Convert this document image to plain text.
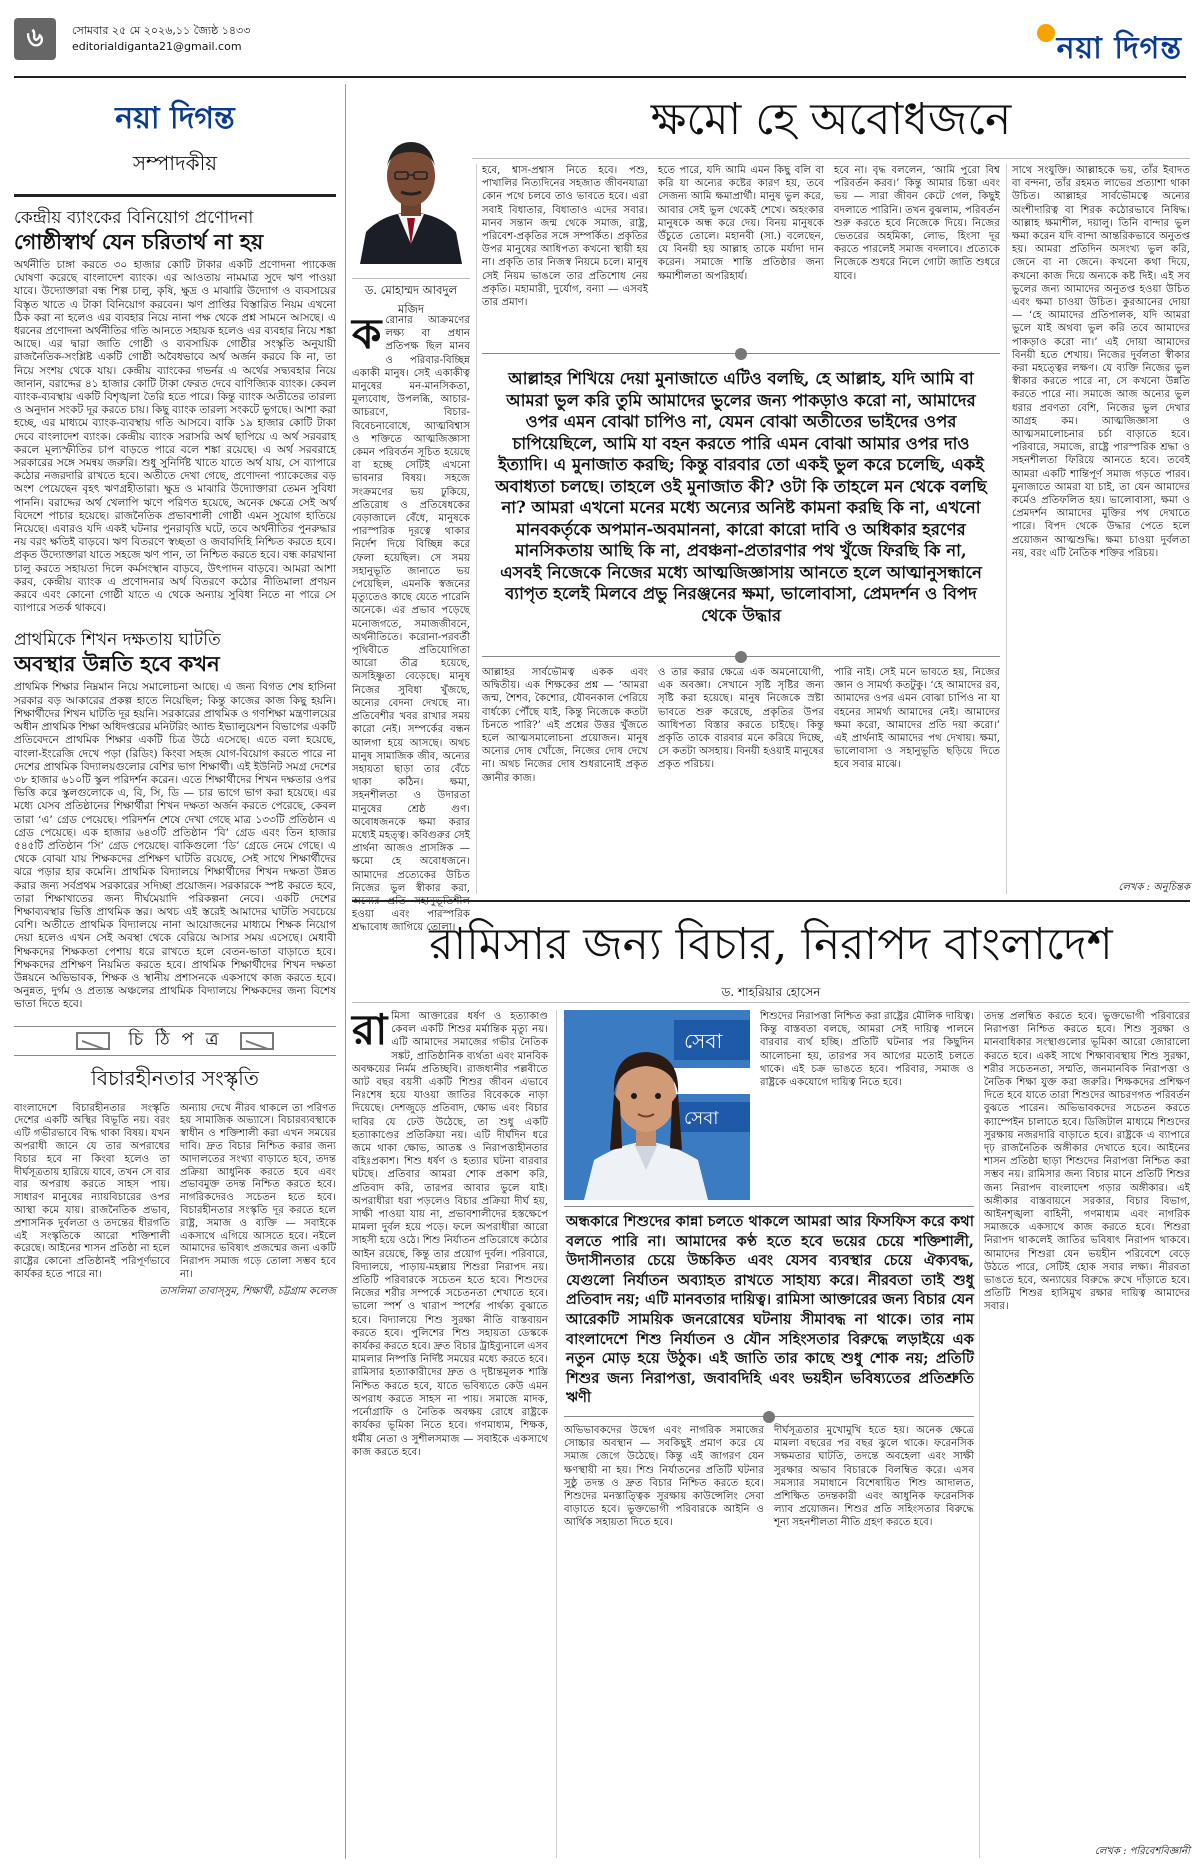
৬	সোমবার ২৫ মে ২০২৬,১১ জ্যৈষ্ঠ ১৪৩৩
editorialdiganta21@gmail.com	নয়া দিগন্ত
নয়া দিগন্ত
সম্পাদকীয়
কেন্দ্রীয় ব্যাংকের বিনিয়োগ প্রণোদনা
গোষ্ঠীস্বার্থ যেন চরিতার্থ না হয়
অর্থনীতি চাঙ্গা করতে ৩০ হাজার কোটি টাকার একটি প্রণোদনা প্যাকেজ ঘোষণা করেছে বাংলাদেশ ব্যাংক। এর আওতায় নামমাত্র সুদে ঋণ পাওয়া যাবে। উদ্যোক্তারা বন্ধ শিল্প চালু, কৃষি, ক্ষুদ্র ও মাঝারি উদ্যোগ ও ব্যবসায়ের বিস্তৃত খাতে এ টাকা বিনিয়োগ করবেন। ঋণ প্রাপ্তির বিস্তারিত নিয়ম এখনো ঠিক করা না হলেও এর ব্যবহার নিয়ে নানা পক্ষ থেকে প্রশ্ন সামনে আসছে। এ ধরনের প্রণোদনা অর্থনীতির গতি আনতে সহায়ক হলেও এর ব্যবহার নিয়ে শঙ্কা আছে। এর দ্বারা জাতি গোষ্ঠী ও ব্যবসায়িক গোষ্ঠীর সংস্কৃতি অনুযায়ী রাজনৈতিক-সংশ্লিষ্ট একটি গোষ্ঠী অবৈধভাবে অর্থ অর্জন করবে কি না, তা নিয়ে সংশয় থেকে যায়। কেন্দ্রীয় ব্যাংকের গভর্নর এ অর্থের সদ্ব্যবহার নিয়ে জানান, বরাদ্দের ৪১ হাজার কোটি টাকা ফেরত দেবে বাণিজ্যিক ব্যাংক। কেবল ব্যাংক-ব্যবস্থায় একটি বিশৃঙ্খলা তৈরি হতে পারে। কিন্তু ব্যাংক অতীতের তারল্য ও অনুদান সংকট দূর করতে চায়। কিছু ব্যাংক তারল্য সংকটে ভুগছে। আশা করা হচ্ছে, এর মাধ্যমে ব্যাংক-ব্যবস্থায় গতি আসবে। বাকি ১৯ হাজার কোটি টাকা দেবে বাংলাদেশ ব্যাংক। কেন্দ্রীয় ব্যাংক সরাসরি অর্থ ছাপিয়ে এ অর্থ সরবরাহ করলে মূল্যস্ফীতির চাপ বাড়তে পারে বলে শঙ্কা রয়েছে। এ অর্থ সরবরাহে সরকারের সঙ্গে সমন্বয় জরুরি। শুধু সুনির্দিষ্ট খাতে যাতে অর্থ যায়, সে ব্যাপারে কঠোর নজরদারি রাখতে হবে। অতীতে দেখা গেছে, প্রণোদনা প্যাকেজের বড় অংশ পেয়েছেন বৃহৎ ঋণগ্রহীতারা। ক্ষুদ্র ও মাঝারি উদ্যোক্তারা তেমন সুবিধা পাননি। বরাদ্দের অর্থ খেলাপি ঋণে পরিণত হয়েছে, অনেক ক্ষেত্রে সেই অর্থ বিদেশে পাচার হয়েছে। রাজনৈতিক প্রভাবশালী গোষ্ঠী এমন সুযোগ হাতিয়ে নিয়েছে। এবারও যদি একই ঘটনার পুনরাবৃত্তি ঘটে, তবে অর্থনীতির পুনরুদ্ধার নয় বরং ক্ষতিই বাড়বে। ঋণ বিতরণে স্বচ্ছতা ও জবাবদিহি নিশ্চিত করতে হবে। প্রকৃত উদ্যোক্তারা যাতে সহজে ঋণ পান, তা নিশ্চিত করতে হবে। বন্ধ কারখানা চালু করতে সহায়তা দিলে কর্মসংস্থান বাড়বে, উৎপাদন বাড়বে। আমরা আশা করব, কেন্দ্রীয় ব্যাংক এ প্রণোদনার অর্থ বিতরণে কঠোর নীতিমালা প্রণয়ন করবে এবং কোনো গোষ্ঠী যাতে এ থেকে অন্যায় সুবিধা নিতে না পারে সে ব্যাপারে সতর্ক থাকবে।
প্রাথমিকে শিখন দক্ষতায় ঘাটতি
অবস্থার উন্নতি হবে কখন
প্রাথমিক শিক্ষার নিম্নমান নিয়ে সমালোচনা আছে। এ জন্য বিগত শেষ হাসিনা সরকার বড় আকারের প্রকল্প হাতে নিয়েছিল; কিন্তু কাজের কাজ কিছু হয়নি। শিক্ষার্থীদের শিখন ঘাটতি দূর হয়নি। সরকারের প্রাথমিক ও গণশিক্ষা মন্ত্রণালয়ের অধীন প্রাথমিক শিক্ষা অধিদপ্তরের মনিটরিং অ্যান্ড ইভ্যালুয়েশন বিভাগের একটি প্রতিবেদনে প্রাথমিক শিক্ষার একটি চিত্র উঠে এসেছে। এতে বলা হয়েছে, বাংলা-ইংরেজি দেখে পড়া (রিডিং) কিংবা সহজ যোগ-বিয়োগ করতে পারে না দেশের প্রাথমিক বিদ্যালয়গুলোর বেশির ভাগ শিক্ষার্থী। এই ইউনিট সমগ্র দেশের ৩৮ হাজার ৬১০টি স্কুল পরিদর্শন করেন। এতে শিক্ষার্থীদের শিখন দক্ষতার ওপর ভিত্তি করে স্কুলগুলোকে এ, বি, সি, ডি — চার ভাগে ভাগ করা হয়েছে। এর মধ্যে যেসব প্রতিষ্ঠানের শিক্ষার্থীরা শিখন দক্ষতা অর্জন করতে পেরেছে, কেবল তারা ‘এ’ গ্রেড পেয়েছে। পরিদর্শন শেষে দেখা গেছে মাত্র ১৩৩টি প্রতিষ্ঠান এ গ্রেড পেয়েছে। এক হাজার ৬৪৩টি প্রতিষ্ঠান ‘বি’ গ্রেড এবং তিন হাজার ৫৪৫টি প্রতিষ্ঠান ‘সি’ গ্রেড পেয়েছে। বাকিগুলো ‘ডি’ গ্রেডে নেমে গেছে। এ থেকে বোঝা যায় শিক্ষকদের প্রশিক্ষণ ঘাটতি রয়েছে, সেই সাথে শিক্ষার্থীদের ঝরে পড়ার হার কমেনি। প্রাথমিক বিদ্যালয়ে শিক্ষার্থীদের শিখন দক্ষতা উন্নত করার জন্য সর্বপ্রথম সরকারের সদিচ্ছা প্রয়োজন। সরকারকে স্পষ্ট করতে হবে, তারা শিক্ষাখাতের জন্য দীর্ঘমেয়াদি পরিকল্পনা নেবে। একটি দেশের শিক্ষাব্যবস্থার ভিত্তি প্রাথমিক স্তর। অথচ এই স্তরেই আমাদের ঘাটতি সবচেয়ে বেশি। অতীতে প্রাথমিক বিদ্যালয়ে নানা আয়োজনের মাধ্যমে শিক্ষক নিয়োগ দেয়া হলেও এখন সেই অবস্থা থেকে বেরিয়ে আসার সময় এসেছে। মেধাবী শিক্ষকদের শিক্ষকতা পেশায় ধরে রাখতে হলে বেতন-ভাতা বাড়াতে হবে। শিক্ষকদের প্রশিক্ষণ নিয়মিত করতে হবে। প্রাথমিক শিক্ষার্থীদের শিখন দক্ষতা উন্নয়নে অভিভাবক, শিক্ষক ও স্থানীয় প্রশাসনকে একসাথে কাজ করতে হবে। অনুন্নত, দুর্গম ও প্রত্যন্ত অঞ্চলের প্রাথমিক বিদ্যালয়ে শিক্ষকদের জন্য বিশেষ ভাতা দিতে হবে।
চি ঠি প ত্র
বিচারহীনতার সংস্কৃতি
বাংলাদেশে বিচারহীনতার সংস্কৃতি দেশের একটি অস্থির বিভূতি নয়। বরং এটি গভীরভাবে বিদ্ধ থাকা বিষয়। যখন অপরাধী জানে যে তার অপরাধের বিচার হবে না কিংবা হলেও তা দীর্ঘসূত্রতায় হারিয়ে যাবে, তখন সে বার বার অপরাধ করতে সাহস পায়। সাধারণ মানুষের ন্যায়বিচারের ওপর আস্থা কমে যায়। রাজনৈতিক প্রভাব, প্রশাসনিক দুর্বলতা ও তদন্তের ধীরগতি এই সংস্কৃতিকে আরো শক্তিশালী করেছে। আইনের শাসন প্রতিষ্ঠা না হলে রাষ্ট্রের কোনো প্রতিষ্ঠানই পরিপূর্ণভাবে কার্যকর হতে পারে না।
অন্যায় দেখে নীরব থাকলে তা পরিণত হয় সামাজিক অভ্যাসে। বিচারব্যবস্থাকে স্বাধীন ও শক্তিশালী করা এখন সময়ের দাবি। দ্রুত বিচার নিশ্চিত করার জন্য আদালতের সংখ্যা বাড়াতে হবে, তদন্ত প্রক্রিয়া আধুনিক করতে হবে এবং প্রভাবমুক্ত তদন্ত নিশ্চিত করতে হবে। নাগরিকদেরও সচেতন হতে হবে। বিচারহীনতার সংস্কৃতি দূর করতে হলে রাষ্ট্র, সমাজ ও ব্যক্তি — সবাইকে একসাথে এগিয়ে আসতে হবে। নইলে আমাদের ভবিষ্যৎ প্রজন্মের জন্য একটি নিরাপদ সমাজ গড়ে তোলা সম্ভব হবে না।
তাসলিমা তাবাস্সুম, শিক্ষার্থী, চট্টগ্রাম কলেজ
ক্ষমো হে অবোধজনে
ড. মোহাম্মদ আবদুল মজিদ
ক রোনার আক্রমণের লক্ষ্য বা প্রধান প্রতিপক্ষ ছিল মানব ও পরিবার-বিচ্ছিন্ন একাকী মানুষ। সেই একাকীত্ব মানুষের মন-মানসিকতা, মূল্যবোধ, উপলব্ধি, আচার-আচরণে, বিচার-বিবেচনাবোধে, আত্মবিশ্বাস ও শক্তিতে আত্মজিজ্ঞাসা কেমন পরিবর্তন সূচিত হয়েছে বা হচ্ছে সেটিই এখনো ভাবনার বিষয়। সহজে সংক্রমণের ভয় ঢুকিয়ে, প্রতিরোধ ও প্রতিষেধকের বেড়াজালে বেঁধে, মানুষকে পারস্পরিক দূরত্বে থাকার নির্দেশ দিয়ে বিচ্ছিন্ন করে ফেলা হয়েছিল। সে সময় সহানুভূতি জানাতে ভয় পেয়েছিল, এমনকি স্বজনের মৃত্যুতেও কাছে যেতে পারেনি অনেকে। এর প্রভাব পড়েছে মনোজগতে, সমাজজীবনে, অর্থনীতিতে। করোনা-পরবর্তী পৃথিবীতে প্রতিযোগিতা আরো তীব্র হয়েছে, অসহিষ্ণুতা বেড়েছে। মানুষ নিজের সুবিধা খুঁজছে, অন্যের বেদনা দেখছে না। প্রতিবেশীর খবর রাখার সময় কারো নেই। সম্পর্কের বন্ধন আলগা হয়ে আসছে। অথচ মানুষ সামাজিক জীব, অন্যের সহায়তা ছাড়া তার বেঁচে থাকা কঠিন। ক্ষমা, সহনশীলতা ও উদারতা মানুষের শ্রেষ্ঠ গুণ। অবোধজনকে ক্ষমা করার মধ্যেই মহত্ত্ব। কবিগুরুর সেই প্রার্থনা আজও প্রাসঙ্গিক — ক্ষমো হে অবোধজনে। আমাদের প্রত্যেকের উচিত নিজের ভুল স্বীকার করা, হওয়া এবং পারস্পরিক শ্রদ্ধাবোধ জাগিয়ে তোলা।
হবে, শ্বাস-প্রশ্বাস নিতে হবে। পশু, পাখালির নিত্যদিনের সহজাত জীবনযাত্রা কোন পথে চলবে তাও ভাবতে হবে। এরা সবাই বিধাতার, বিধাতাও এদের সবার। মানব সন্তান জন্ম থেকে সমাজ, রাষ্ট্র, পরিবেশ-প্রকৃতির সঙ্গে সম্পর্কিত। প্রকৃতির উপর মানুষের আধিপত্য কখনো স্থায়ী হয় না। প্রকৃতি তার নিজস্ব নিয়মে চলে। মানুষ সেই নিয়ম ভাঙলে তার প্রতিশোধ নেয় প্রকৃতি। মহামারী, দুর্যোগ, বন্যা — এসবই তার প্রমাণ।
হতে পারে, যদি আমি এমন কিছু বলি বা করি যা অন্যের কষ্টের কারণ হয়, তবে সেজন্য আমি ক্ষমাপ্রার্থী। মানুষ ভুল করে, আবার সেই ভুল থেকেই শেখে। অহংকার মানুষকে অন্ধ করে দেয়। বিনয় মানুষকে উঁচুতে তোলে। মহানবী (সা.) বলেছেন, যে বিনয়ী হয় আল্লাহ তাকে মর্যাদা দান করেন। সমাজে শান্তি প্রতিষ্ঠার জন্য ক্ষমাশীলতা অপরিহার্য।
হবে না। বৃদ্ধ বললেন, ‘আমি পুরো বিশ্ব পরিবর্তন করব।’ কিন্তু আমার চিন্তা এবং ভয় — সারা জীবন কেটে গেল, কিছুই বদলাতে পারিনি। তখন বুঝলাম, পরিবর্তন শুরু করতে হবে নিজেকে দিয়ে। নিজের ভেতরের অহমিকা, লোভ, হিংসা দূর করতে পারলেই সমাজ বদলাবে। প্রত্যেকে নিজেকে শুধরে নিলে গোটা জাতি শুধরে যাবে।
সাথে সংযুক্তি। আল্লাহকে ভয়, তাঁর ইবাদত বা বন্দনা, তাঁর রহমত লাভের প্রত্যাশা থাকা উচিত। আল্লাহর সার্বভৌমত্বে অন্যের অংশীদারিত্ব বা শিরক কঠোরভাবে নিষিদ্ধ। আল্লাহ ক্ষমাশীল, দয়ালু। তিনি বান্দার ভুল ক্ষমা করেন যদি বান্দা আন্তরিকভাবে অনুতপ্ত হয়। আমরা প্রতিদিন অসংখ্য ভুল করি, জেনে বা না জেনে। কখনো কথা দিয়ে, কখনো কাজ দিয়ে অন্যকে কষ্ট দিই। এই সব ভুলের জন্য আমাদের অনুতপ্ত হওয়া উচিত এবং ক্ষমা চাওয়া উচিত। কুরআনের দোয়া — ‘হে আমাদের প্রতিপালক, যদি আমরা ভুলে যাই অথবা ভুল করি তবে আমাদের পাকড়াও করো না।’ এই দোয়া আমাদের বিনয়ী হতে শেখায়। নিজের দুর্বলতা স্বীকার করা মহত্ত্বের লক্ষণ। যে ব্যক্তি নিজের ভুল স্বীকার করতে পারে না, সে কখনো উন্নতি করতে পারে না। সমাজে আজ অন্যের ভুল ধরার প্রবণতা বেশি, নিজের ভুল দেখার আগ্রহ কম। আত্মজিজ্ঞাসা ও আত্মসমালোচনার চর্চা বাড়াতে হবে। পরিবারে, সমাজে, রাষ্ট্রে পারস্পরিক শ্রদ্ধা ও সহনশীলতা ফিরিয়ে আনতে হবে। তবেই আমরা একটি শান্তিপূর্ণ সমাজ গড়তে পারব। মুনাজাতে আমরা যা চাই, তা যেন আমাদের কর্মেও প্রতিফলিত হয়। ভালোবাসা, ক্ষমা ও প্রেমদর্শন আমাদের মুক্তির পথ দেখাতে পারে। বিপদ থেকে উদ্ধার পেতে হলে প্রয়োজন আত্মশুদ্ধি। ক্ষমা চাওয়া দুর্বলতা নয়, বরং এটি নৈতিক শক্তির পরিচয়।
আল্লাহর শিখিয়ে দেয়া মুনাজাতে এটিও বলছি, হে আল্লাহ, যদি আমি বা আমরা ভুল করি তুমি আমাদের ভুলের জন্য পাকড়াও করো না, আমাদের ওপর এমন বোঝা চাপিও না, যেমন বোঝা অতীতের ভাইদের ওপর চাপিয়েছিলে, আমি যা বহন করতে পারি এমন বোঝা আমার ওপর দাও ইত্যাদি। এ মুনাজাত করছি; কিন্তু বারবার তো একই ভুল করে চলেছি, একই অবাধ্যতা চলছে। তাহলে ওই মুনাজাত কী? ওটা কি তাহলে মন থেকে বলছি না? আমরা এখনো মনের মধ্যে অন্যের অনিষ্ট কামনা করছি কি না, এখনো মানবকর্তৃকে অপমান-অবমাননা, কারো কারো দাবি ও অধিকার হরণের মানসিকতায় আছি কি না, প্রবঞ্চনা-প্রতারণার পথ খুঁজে ফিরছি কি না, এসবই নিজেকে নিজের মধ্যে আত্মজিজ্ঞাসায় আনতে হলে আত্মানুসন্ধানে ব্যাপৃত হলেই মিলবে প্রভু নিরঞ্জনের ক্ষমা, ভালোবাসা, প্রেমদর্শন ও বিপদ থেকে উদ্ধার
আল্লাহর সার্বভৌমত্ব একক এবং অদ্বিতীয়। এক শিক্ষকের প্রশ্ন — ‘আমরা জন্ম, শৈশব, কৈশোর, যৌবনকাল পেরিয়ে বার্ধক্যে পৌঁছে যাই, কিন্তু নিজেকে কতটা চিনতে পারি?’ এই প্রশ্নের উত্তর খুঁজতে হলে আত্মসমালোচনা প্রয়োজন। মানুষ অন্যের দোষ খোঁজে, নিজের দোষ দেখে না। অথচ নিজের দোষ শুধরানোই প্রকৃত জ্ঞানীর কাজ।
ও তার করার ক্ষেত্রে এক অমনোযোগী, এক অবজ্ঞা। সেখানে সৃষ্টি সৃষ্টির জন্য সৃষ্টি করা হয়েছে। মানুষ নিজেকে স্রষ্টা ভাবতে শুরু করেছে, প্রকৃতির উপর আধিপত্য বিস্তার করতে চাইছে। কিন্তু প্রকৃতি তাকে বারবার মনে করিয়ে দিচ্ছে, সে কতটা অসহায়। বিনয়ী হওয়াই মানুষের প্রকৃত পরিচয়।
পারি নাই। সেই মনে ভাবতে হয়, নিজের জ্ঞান ও সামর্থ্য কতটুকু। ‘হে আমাদের রব, আমাদের ওপর এমন বোঝা চাপিও না যা বহনের সামর্থ্য আমাদের নেই। আমাদের ক্ষমা করো, আমাদের প্রতি দয়া করো।’ এই প্রার্থনাই আমাদের পথ দেখায়। ক্ষমা, ভালোবাসা ও সহানুভূতি ছড়িয়ে দিতে হবে সবার মাঝে।
লেখক : অনুচিন্তক
রামিসার জন্য বিচার, নিরাপদ বাংলাদেশ
ড. শাহরিয়ার হোসেন
রা মিসা আক্তারের ধর্ষণ ও হত্যাকাণ্ড কেবল একটি শিশুর মর্মান্তিক মৃত্যু নয়। এটি আমাদের সমাজের গভীর নৈতিক সঙ্কট, প্রাতিষ্ঠানিক ব্যর্থতা এবং মানবিক অবক্ষয়ের নির্মম প্রতিচ্ছবি। রাজধানীর পল্লবীতে আট বছর বয়সী একটি শিশুর জীবন এভাবে নিঃশেষ হয়ে যাওয়া জাতির বিবেককে নাড়া দিয়েছে। দেশজুড়ে প্রতিবাদ, ক্ষোভ এবং বিচার দাবির যে ঢেউ উঠেছে, তা শুধু একটি হত্যাকাণ্ডের প্রতিক্রিয়া নয়। এটি দীর্ঘদিন ধরে জমে থাকা ক্ষোভ, আতঙ্ক ও নিরাপত্তাহীনতার বহিঃপ্রকাশ। শিশু ধর্ষণ ও হত্যার ঘটনা বারবার ঘটছে। প্রতিবার আমরা শোক প্রকাশ করি, প্রতিবাদ করি, তারপর আবার ভুলে যাই। অপরাধীরা ধরা পড়লেও বিচার প্রক্রিয়া দীর্ঘ হয়, সাক্ষী পাওয়া যায় না, প্রভাবশালীদের হস্তক্ষেপে মামলা দুর্বল হয়ে পড়ে। ফলে অপরাধীরা আরো সাহসী হয়ে ওঠে। শিশু নির্যাতন প্রতিরোধে কঠোর আইন রয়েছে, কিন্তু তার প্রয়োগ দুর্বল। পরিবারে, বিদ্যালয়ে, পাড়ায়-মহল্লায় শিশুরা নিরাপদ নয়। প্রতিটি পরিবারকে সচেতন হতে হবে। শিশুদের নিজের শরীর সম্পর্কে সচেতনতা শেখাতে হবে। ভালো স্পর্শ ও খারাপ স্পর্শের পার্থক্য বুঝাতে হবে। বিদ্যালয়ে শিশু সুরক্ষা নীতি বাস্তবায়ন করতে হবে। পুলিশের শিশু সহায়তা ডেস্ককে কার্যকর করতে হবে। দ্রুত বিচার ট্রাইব্যুনালে এসব মামলার নিষ্পত্তি নির্দিষ্ট সময়ের মধ্যে করতে হবে। রামিসার হত্যাকারীদের দ্রুত ও দৃষ্টান্তমূলক শাস্তি নিশ্চিত করতে হবে, যাতে ভবিষ্যতে কেউ এমন অপরাধ করতে সাহস না পায়। সমাজে মাদক, পর্নোগ্রাফি ও নৈতিক অবক্ষয় রোধে রাষ্ট্রকে কার্যকর ভূমিকা নিতে হবে। গণমাধ্যম, শিক্ষক, ধর্মীয় নেতা ও সুশীলসমাজ — সবাইকে একসাথে কাজ করতে হবে।
সেবা
সেবা
শিশুদের নিরাপত্তা নিশ্চিত করা রাষ্ট্রের মৌলিক দায়িত্ব। কিন্তু বাস্তবতা বলছে, আমরা সেই দায়িত্ব পালনে বারবার ব্যর্থ হচ্ছি। প্রতিটি ঘটনার পর কিছুদিন আলোচনা হয়, তারপর সব আগের মতোই চলতে থাকে। এই চক্র ভাঙতে হবে। পরিবার, সমাজ ও রাষ্ট্রকে একযোগে দায়িত্ব নিতে হবে।
অন্ধকারে শিশুদের কান্না চলতে থাকলে আমরা আর ফিসফিস করে কথা বলতে পারি না। আমাদের কণ্ঠ হতে হবে ভয়ের চেয়ে শক্তিশালী, উদাসীনতার চেয়ে উচ্চকিত এবং যেসব ব্যবস্থার চেয়ে ঐক্যবদ্ধ, যেগুলো নির্যাতন অব্যাহত রাখতে সাহায্য করে। নীরবতা তাই শুধু প্রতিবাদ নয়; এটি মানবতার দায়িত্ব। রামিসা আক্তারের জন্য বিচার যেন আরেকটি সাময়িক জনরোষের ঘটনায় সীমাবদ্ধ না থাকে। তার নাম বাংলাদেশে শিশু নির্যাতন ও যৌন সহিংসতার বিরুদ্ধে লড়াইয়ে এক নতুন মোড় হয়ে উঠুক। এই জাতি তার কাছে শুধু শোক নয়; প্রতিটি শিশুর জন্য নিরাপত্তা, জবাবদিহি এবং ভয়হীন ভবিষ্যতের প্রতিশ্রুতি ঋণী
অভিভাবকদের উদ্বেগ এবং নাগরিক সমাজের সোচ্চার অবস্থান — সবকিছুই প্রমাণ করে যে সমাজ জেগে উঠেছে। কিন্তু এই জাগরণ যেন ক্ষণস্থায়ী না হয়। শিশু নির্যাতনের প্রতিটি ঘটনার সুষ্ঠু তদন্ত ও দ্রুত বিচার নিশ্চিত করতে হবে। শিশুদের মনস্তাত্ত্বিক সুরক্ষায় কাউন্সেলিং সেবা বাড়াতে হবে। ভুক্তভোগী পরিবারকে আইনি ও আর্থিক সহায়তা দিতে হবে।
দীর্ঘসূত্রতার মুখোমুখি হতে হয়। অনেক ক্ষেত্রে মামলা বছরের পর বছর ঝুলে থাকে। ফরেনসিক সক্ষমতার ঘাটতি, তদন্তে অবহেলা এবং সাক্ষী সুরক্ষার অভাব বিচারকে বিলম্বিত করে। এসব সমস্যার সমাধানে বিশেষায়িত শিশু আদালত, প্রশিক্ষিত তদন্তকারী এবং আধুনিক ফরেনসিক ল্যাব প্রয়োজন। শিশুর প্রতি সহিংসতার বিরুদ্ধে শূন্য সহনশীলতা নীতি গ্রহণ করতে হবে।
তদন্ত প্রলম্বিত করতে হবে। ভুক্তভোগী পরিবারের নিরাপত্তা নিশ্চিত করতে হবে। শিশু সুরক্ষা ও মানবাধিকার সংস্থাগুলোর ভূমিকা আরো জোরালো করতে হবে। একই সাথে শিক্ষাব্যবস্থায় শিশু সুরক্ষা, শরীর সচেতনতা, সম্মতি, জনমানবিক নিরাপত্তা ও নৈতিক শিক্ষা যুক্ত করা জরুরি। শিক্ষকদের প্রশিক্ষণ দিতে হবে যাতে তারা শিশুদের আচরণগত পরিবর্তন বুঝতে পারেন। অভিভাবকদের সচেতন করতে ক্যাম্পেইন চালাতে হবে। ডিজিটাল মাধ্যমে শিশুদের সুরক্ষায় নজরদারি বাড়াতে হবে। রাষ্ট্রকে এ ব্যাপারে দৃঢ় রাজনৈতিক অঙ্গীকার দেখাতে হবে। আইনের শাসন প্রতিষ্ঠা ছাড়া শিশুদের নিরাপত্তা নিশ্চিত করা সম্ভব নয়। রামিসার জন্য বিচার মানে প্রতিটি শিশুর জন্য নিরাপদ বাংলাদেশ গড়ার অঙ্গীকার। এই অঙ্গীকার বাস্তবায়নে সরকার, বিচার বিভাগ, আইনশৃঙ্খলা বাহিনী, গণমাধ্যম এবং নাগরিক সমাজকে একসাথে কাজ করতে হবে। শিশুরা নিরাপদ থাকলেই জাতির ভবিষ্যৎ নিরাপদ থাকবে। আমাদের শিশুরা যেন ভয়হীন পরিবেশে বেড়ে উঠতে পারে, সেটিই হোক সবার লক্ষ্য। নীরবতা ভাঙতে হবে, অন্যায়ের বিরুদ্ধে রুখে দাঁড়াতে হবে। প্রতিটি শিশুর হাসিমুখ রক্ষার দায়িত্ব আমাদের সবার।
লেখক : পরিবেশবিজ্ঞানী
